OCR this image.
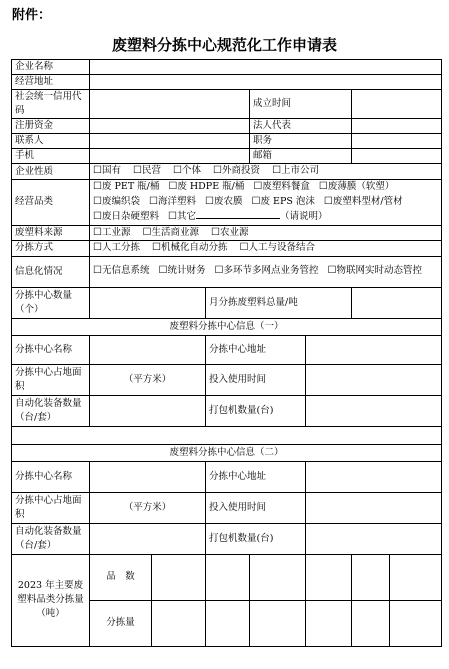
附件：
废塑料分拣中心规范化工作申请表
企业名称							
经营地址							
社会统一信用代码				成立时间			
注册资金				法人代表			
联系人				职务			
手机				邮箱			
企业性质	☐国有 ☐民营 ☐个体 ☐外商投资 ☐上市公司						
经营品类	☐废 PET 瓶/桶 ☐废 HDPE 瓶/桶 ☐废塑料餐盒 ☐废薄膜（软塑）
☐废编织袋 ☐海洋塑料 ☐废农膜 ☐废 EPS 泡沫 ☐废塑料型材/管材
☐废日杂硬塑料 ☐其它 （请说明）						

废塑料来源	☐工业源 ☐生活商业源 ☐农业源						
分拣方式	☐人工分拣 ☐机械化自动分拣 ☐人工与设备结合						
信息化情况	☐无信息系统 ☐统计财务 ☐多环节多网点业务管控 ☐物联网实时动态管控						
分拣中心数量（个）			月分拣废塑料总量/吨				
废塑料分拣中心信息（一）							
分拣中心名称			分拣中心地址				
分拣中心占地面积	（平方米）		投入使用时间				
自动化装备数量（台/套）			打包机数量(台)				

废塑料分拣中心信息（二）							
分拣中心名称			分拣中心地址				
分拣中心占地面积	（平方米）		投入使用时间				
自动化装备数量（台/套）			打包机数量(台)				
2023 年主要废塑料品类分拣量（吨）	品　数						
	分拣量						
